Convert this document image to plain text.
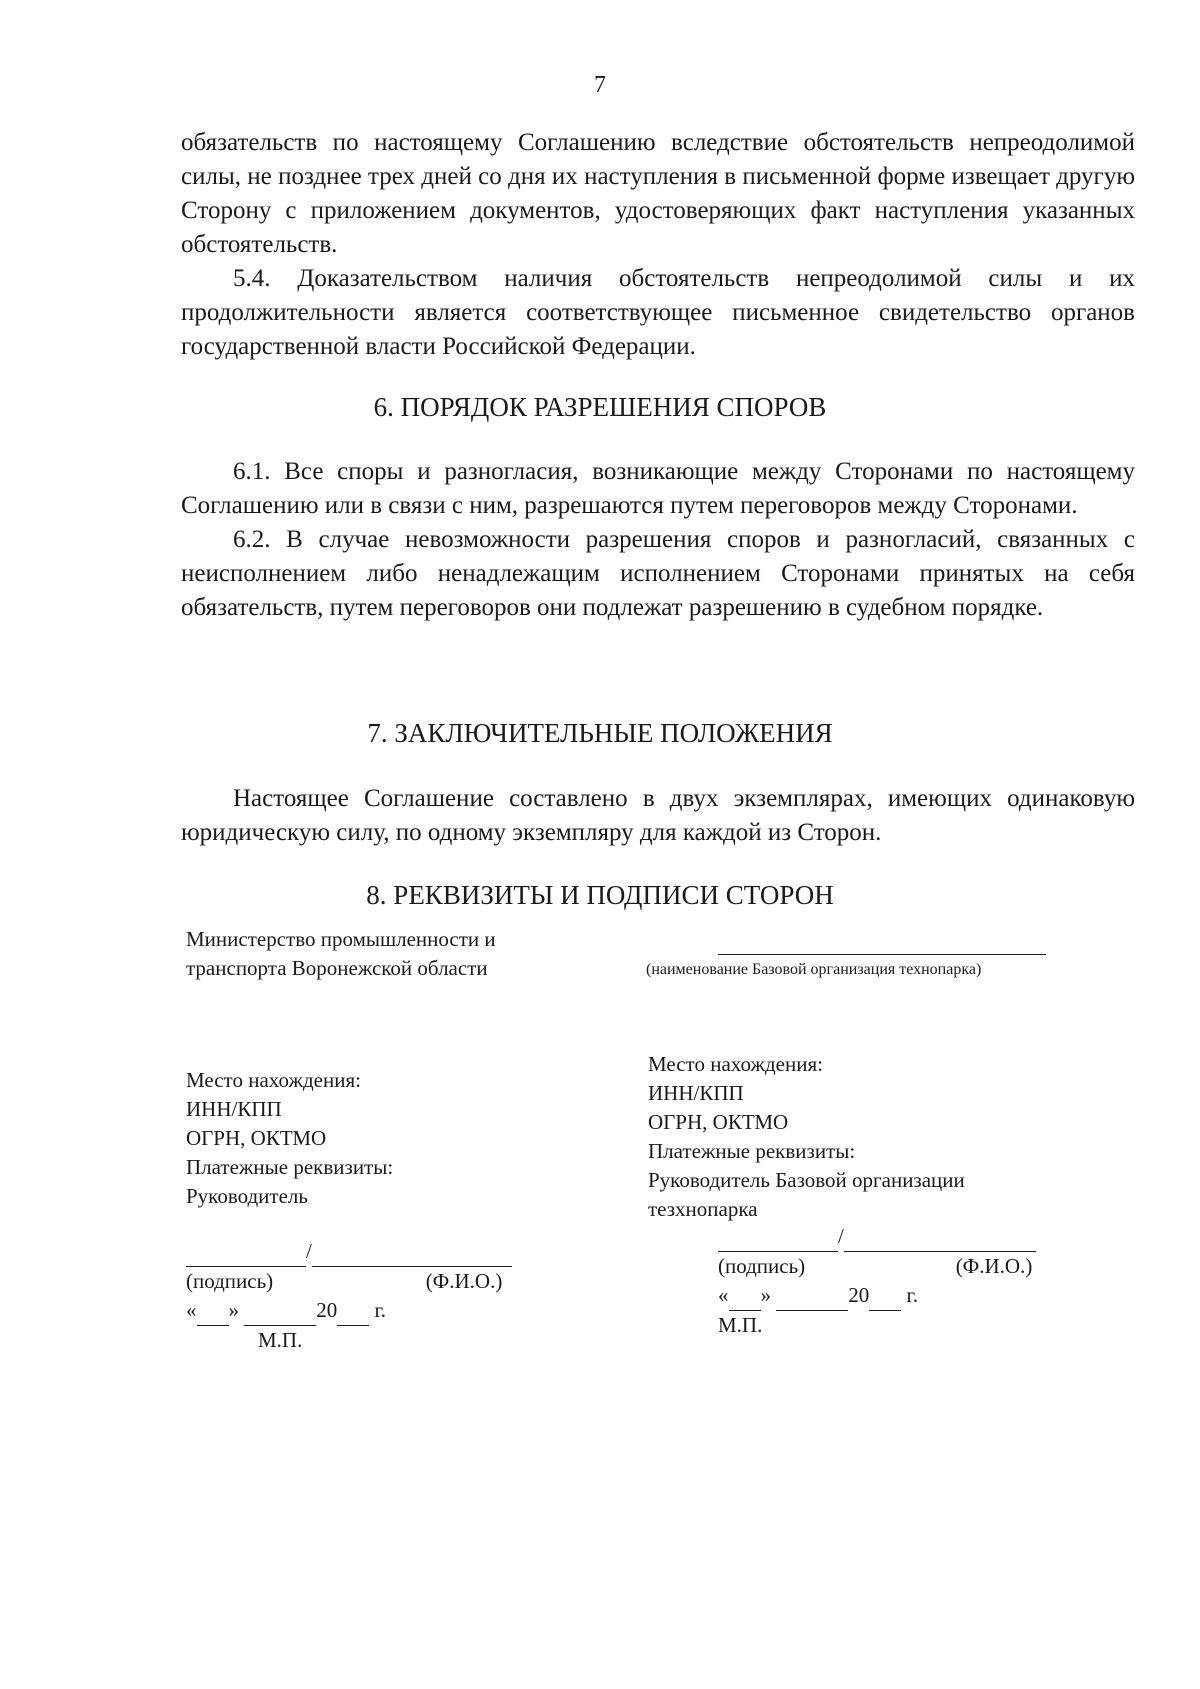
7

обязательств по настоящему Соглашению вследствие обстоятельств непреодолимой силы, не позднее трех дней со дня их наступления в письменной форме извещает другую Сторону с приложением документов, удостоверяющих факт наступления указанных обстоятельств.

5.4. Доказательством наличия обстоятельств непреодолимой силы и их продолжительности является соответствующее письменное свидетельство органов государственной власти Российской Федерации.

6. ПОРЯДОК РАЗРЕШЕНИЯ СПОРОВ

6.1. Все споры и разногласия, возникающие между Сторонами по настоящему Соглашению или в связи с ним, разрешаются путем переговоров между Сторонами.

6.2. В случае невозможности разрешения споров и разногласий, связанных с неисполнением либо ненадлежащим исполнением Сторонами принятых на себя обязательств, путем переговоров они подлежат разрешению в судебном порядке.

7. ЗАКЛЮЧИТЕЛЬНЫЕ ПОЛОЖЕНИЯ

Настоящее Соглашение составлено в двух экземплярах, имеющих одинаковую юридическую силу, по одному экземпляру для каждой из Сторон.

8. РЕКВИЗИТЫ И ПОДПИСИ СТОРОН
Министерство промышленности и
транспорта Воронежской области
Место нахождения:
ИНН/КПП
ОГРН, ОКТМО
Платежные реквизиты:
Руководитель
/
(подпись)	(Ф.И.О.)
« »	20 г.
М.П.

(наименование Базовой организация технопарка)
Место нахождения:
ИНН/КПП
ОГРН, ОКТМО
Платежные реквизиты:
Руководитель Базовой организации
тезхнопарка
/
(подпись)	(Ф.И.О.)
« »	20 г.
М.П.
